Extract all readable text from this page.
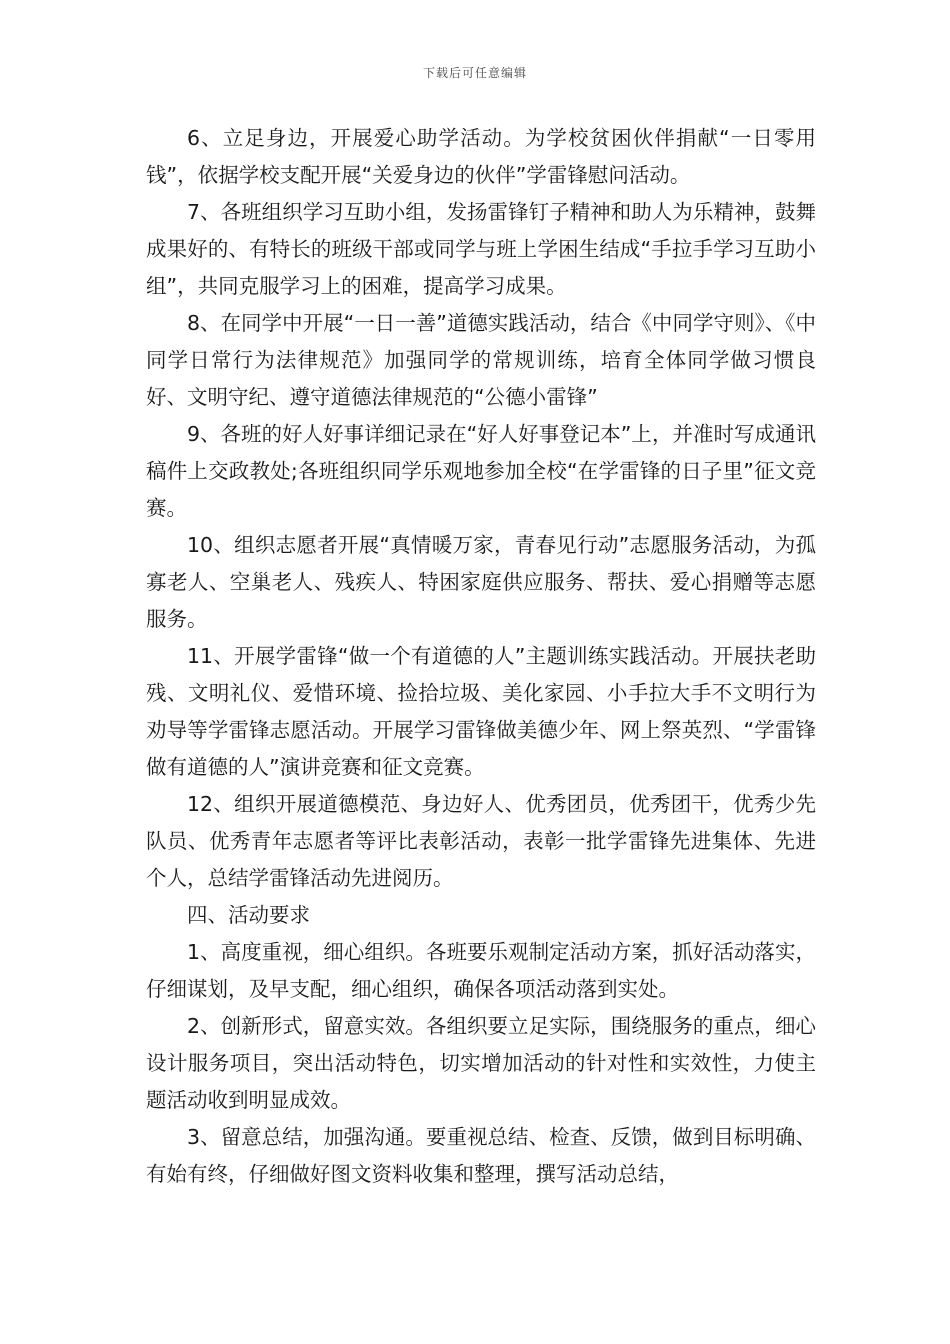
下载后可任意编辑

6、立足身边，开展爱心助学活动。为学校贫困伙伴捐献“一日零用钱”，依据学校支配开展“关爱身边的伙伴”学雷锋慰问活动。

7、各班组织学习互助小组，发扬雷锋钉子精神和助人为乐精神，鼓舞成果好的、有特长的班级干部或同学与班上学困生结成“手拉手学习互助小组”，共同克服学习上的困难，提高学习成果。

8、在同学中开展“一日一善”道德实践活动，结合《中同学守则》、《中同学日常行为法律规范》加强同学的常规训练，培育全体同学做习惯良好、文明守纪、遵守道德法律规范的“公德小雷锋”

9、各班的好人好事详细记录在“好人好事登记本”上，并准时写成通讯稿件上交政教处;各班组织同学乐观地参加全校“在学雷锋的日子里”征文竞赛。

10、组织志愿者开展“真情暖万家，青春见行动”志愿服务活动，为孤寡老人、空巢老人、残疾人、特困家庭供应服务、帮扶、爱心捐赠等志愿服务。

11、开展学雷锋“做一个有道德的人”主题训练实践活动。开展扶老助残、文明礼仪、爱惜环境、捡拾垃圾、美化家园、小手拉大手不文明行为劝导等学雷锋志愿活动。开展学习雷锋做美德少年、网上祭英烈、“学雷锋做有道德的人”演讲竞赛和征文竞赛。

12、组织开展道德模范、身边好人、优秀团员，优秀团干，优秀少先队员、优秀青年志愿者等评比表彰活动，表彰一批学雷锋先进集体、先进个人，总结学雷锋活动先进阅历。

四、活动要求

1、高度重视，细心组织。各班要乐观制定活动方案，抓好活动落实，仔细谋划，及早支配，细心组织，确保各项活动落到实处。

2、创新形式，留意实效。各组织要立足实际，围绕服务的重点，细心设计服务项目，突出活动特色，切实增加活动的针对性和实效性，力使主题活动收到明显成效。

3、留意总结，加强沟通。要重视总结、检查、反馈，做到目标明确、有始有终，仔细做好图文资料收集和整理，撰写活动总结，
